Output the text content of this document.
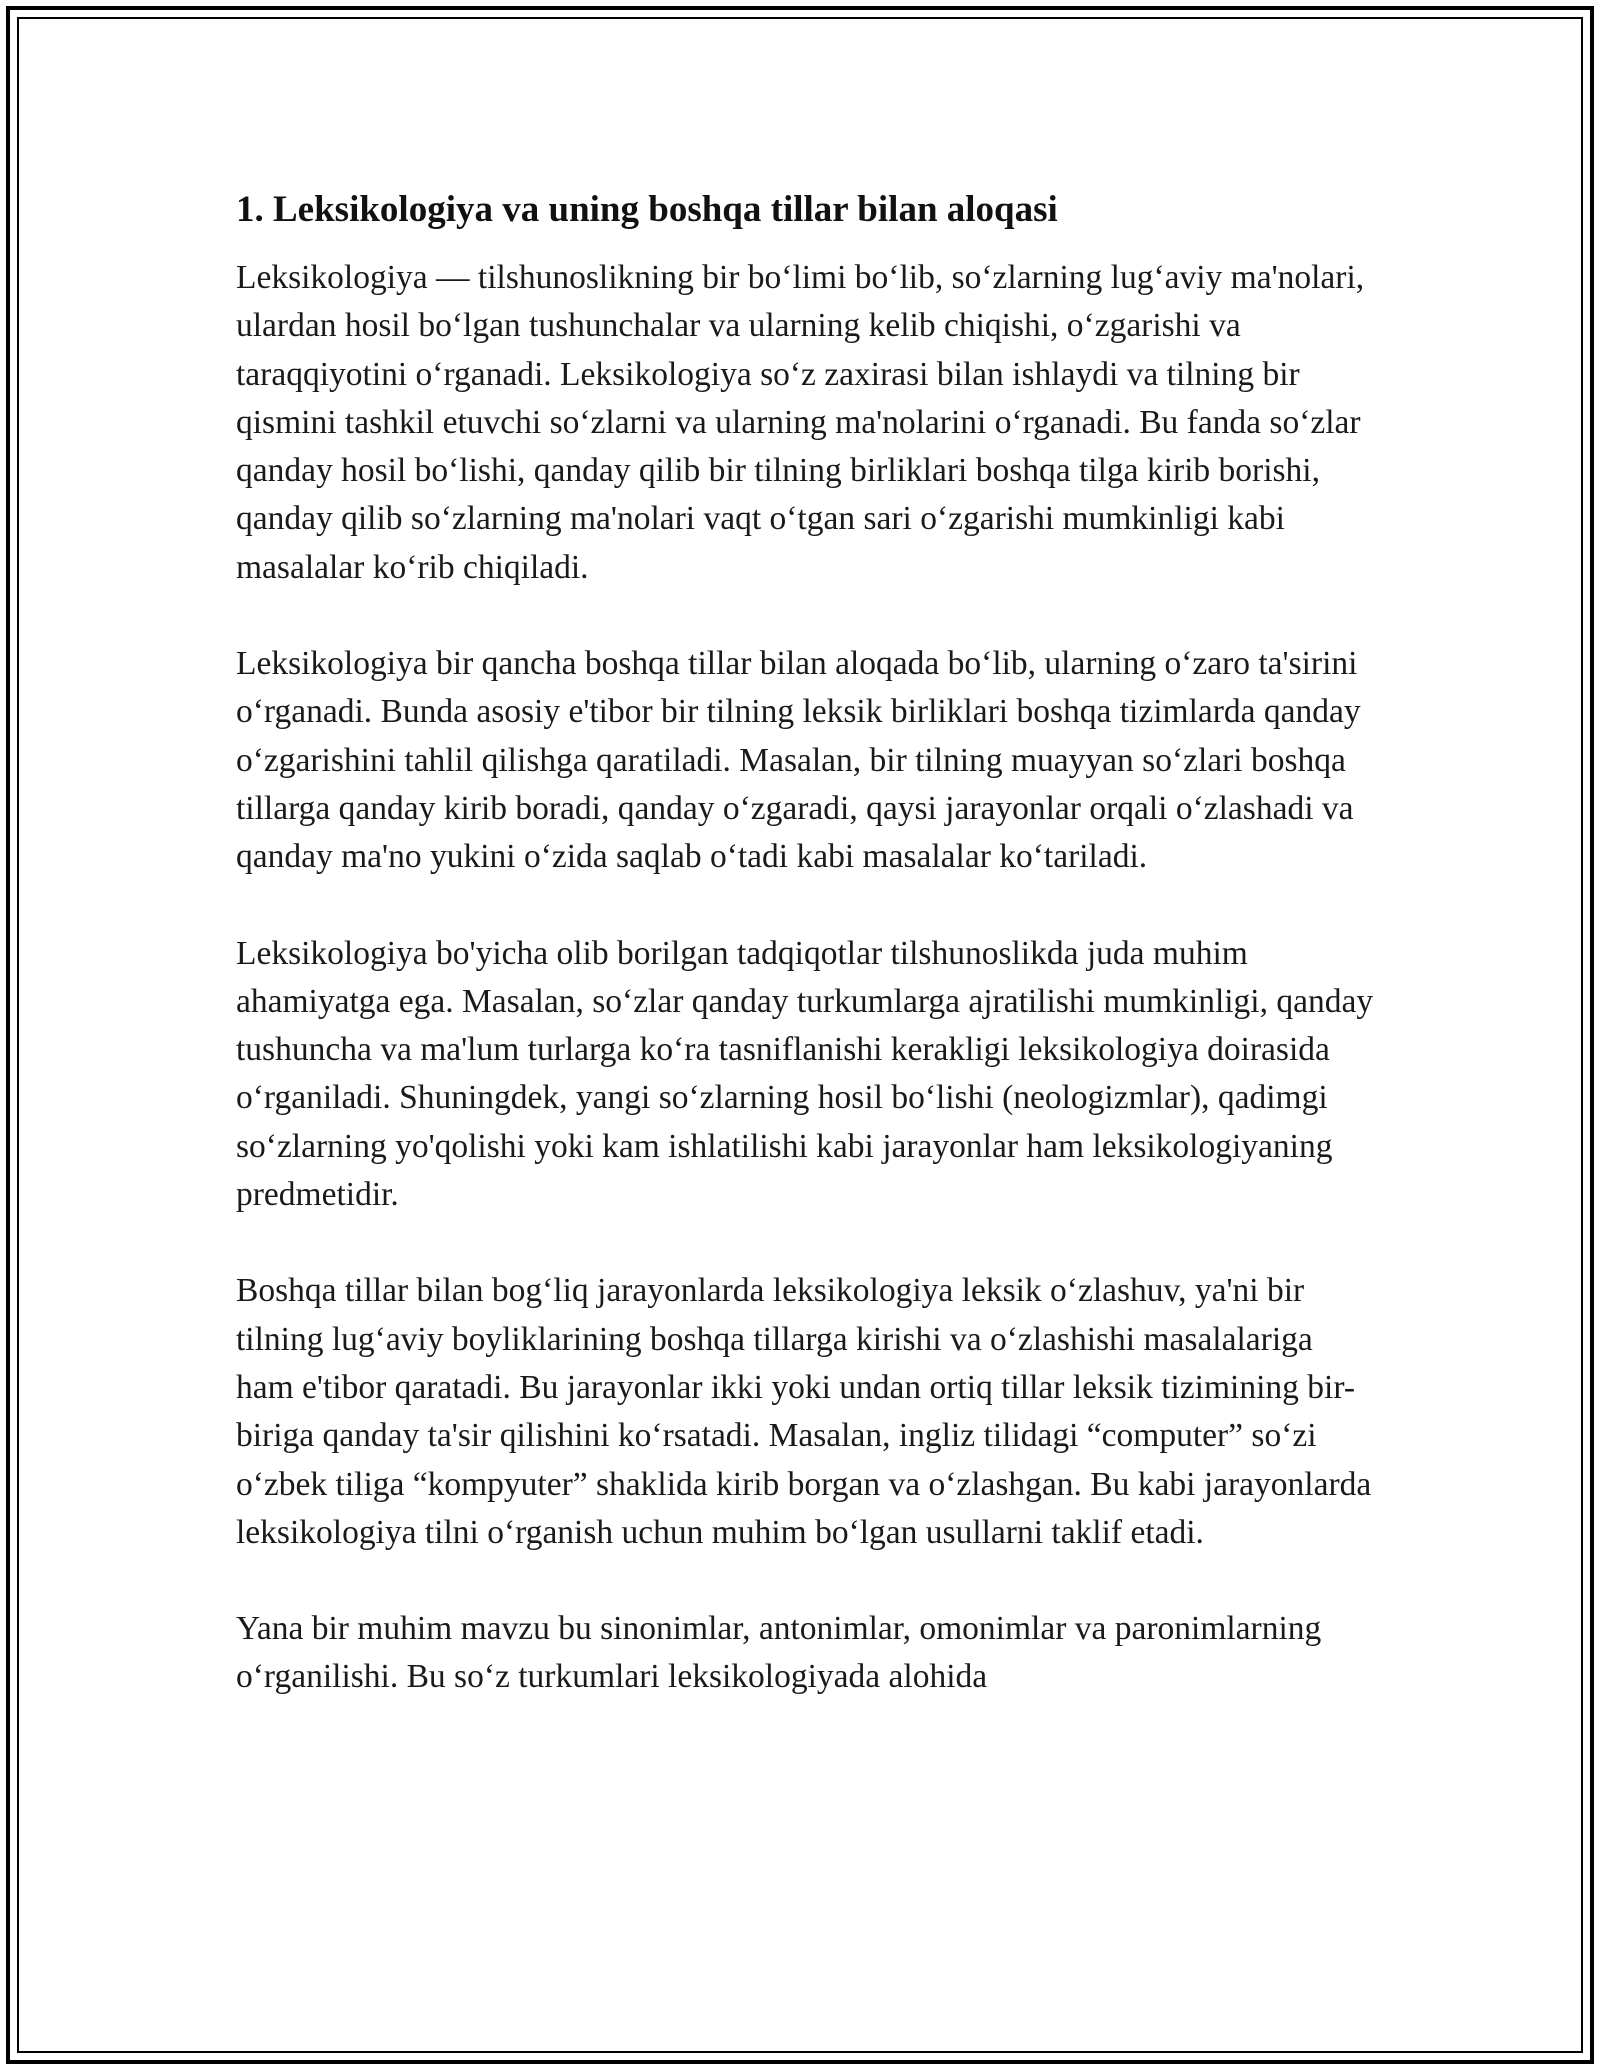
1. Leksikologiya va uning boshqa tillar bilan aloqasi

Leksikologiya — tilshunoslikning bir bo‘limi bo‘lib, so‘zlarning lug‘aviy ma'nolari, ulardan hosil bo‘lgan tushunchalar va ularning kelib chiqishi, o‘zgarishi va taraqqiyotini o‘rganadi. Leksikologiya so‘z zaxirasi bilan ishlaydi va tilning bir qismini tashkil etuvchi so‘zlarni va ularning ma'nolarini o‘rganadi. Bu fanda so‘zlar qanday hosil bo‘lishi, qanday qilib bir tilning birliklari boshqa tilga kirib borishi, qanday qilib so‘zlarning ma'nolari vaqt o‘tgan sari o‘zgarishi mumkinligi kabi masalalar ko‘rib chiqiladi.

Leksikologiya bir qancha boshqa tillar bilan aloqada bo‘lib, ularning o‘zaro ta'sirini o‘rganadi. Bunda asosiy e'tibor bir tilning leksik birliklari boshqa tizimlarda qanday o‘zgarishini tahlil qilishga qaratiladi. Masalan, bir tilning muayyan so‘zlari boshqa tillarga qanday kirib boradi, qanday o‘zgaradi, qaysi jarayonlar orqali o‘zlashadi va qanday ma'no yukini o‘zida saqlab o‘tadi kabi masalalar ko‘tariladi.

Leksikologiya bo'yicha olib borilgan tadqiqotlar tilshunoslikda juda muhim ahamiyatga ega. Masalan, so‘zlar qanday turkumlarga ajratilishi mumkinligi, qanday tushuncha va ma'lum turlarga ko‘ra tasniflanishi kerakligi leksikologiya doirasida o‘rganiladi. Shuningdek, yangi so‘zlarning hosil bo‘lishi (neologizmlar), qadimgi so‘zlarning yo'qolishi yoki kam ishlatilishi kabi jarayonlar ham leksikologiyaning predmetidir.

Boshqa tillar bilan bog‘liq jarayonlarda leksikologiya leksik o‘zlashuv, ya'ni bir tilning lug‘aviy boyliklarining boshqa tillarga kirishi va o‘zlashishi masalalariga ham e'tibor qaratadi. Bu jarayonlar ikki yoki undan ortiq tillar leksik tizimining bir-biriga qanday ta'sir qilishini ko‘rsatadi. Masalan, ingliz tilidagi “computer” so‘zi o‘zbek tiliga “kompyuter” shaklida kirib borgan va o‘zlashgan. Bu kabi jarayonlarda leksikologiya tilni o‘rganish uchun muhim bo‘lgan usullarni taklif etadi.

Yana bir muhim mavzu bu sinonimlar, antonimlar, omonimlar va paronimlarning o‘rganilishi. Bu so‘z turkumlari leksikologiyada alohida
